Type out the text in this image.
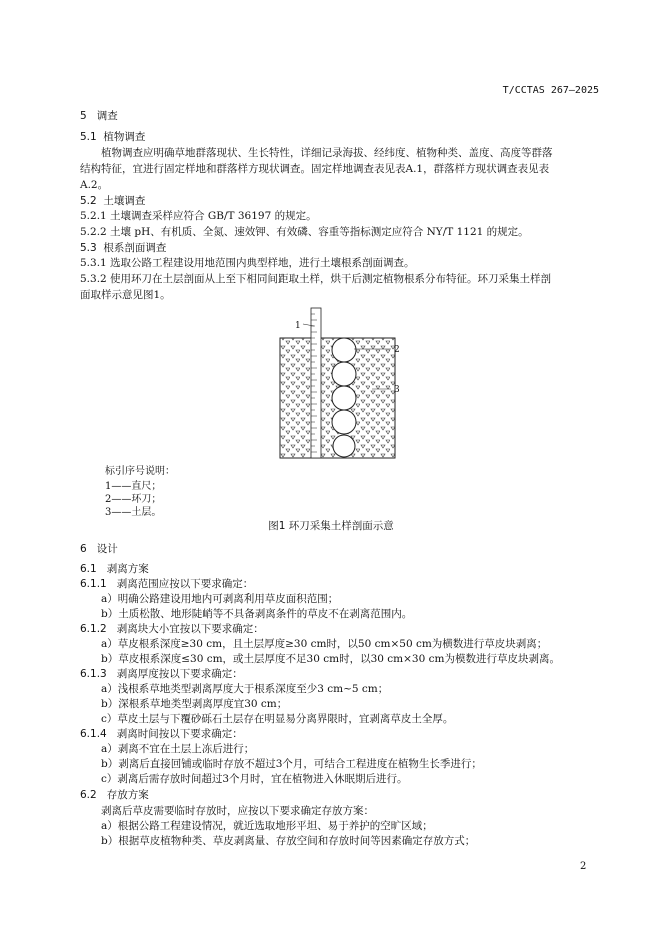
T/CCTAS 267—2025
5 调查
5.1 植物调查
植物调查应明确草地群落现状、生长特性，详细记录海拔、经纬度、植物种类、盖度、高度等群落
结构特征，宜进行固定样地和群落样方现状调查。固定样地调查表见表A.1，群落样方现状调查表见表
A.2。
5.2 土壤调查
5.2.1 土壤调查采样应符合 GB/T 36197 的规定。
5.2.2 土壤 pH、有机质、全氮、速效钾、有效磷、容重等指标测定应符合 NY/T 1121 的规定。
5.3 根系剖面调查
5.3.1 选取公路工程建设用地范围内典型样地，进行土壤根系剖面调查。
5.3.2 使用环刀在土层剖面从上至下相同间距取土样，烘干后测定植物根系分布特征。环刀采集土样剖
面取样示意见图1。
1
2
3
标引序号说明：
1——直尺；
2——环刀；
3——土层。
图1 环刀采集土样剖面示意
6 设计
6.1 剥离方案
6.1.1 剥离范围应按以下要求确定：
a）明确公路建设用地内可剥离利用草皮面积范围；
b）土质松散、地形陡峭等不具备剥离条件的草皮不在剥离范围内。
6.1.2 剥离块大小宜按以下要求确定：
a）草皮根系深度≥30 cm，且土层厚度≥30 cm时，以50 cm×50 cm为横数进行草皮块剥离；
b）草皮根系深度≤30 cm，或土层厚度不足30 cm时，以30 cm×30 cm为模数进行草皮块剥离。
6.1.3 剥离厚度按以下要求确定：
a）浅根系草地类型剥离厚度大于根系深度至少3 cm~5 cm；
b）深根系草地类型剥离厚度宜30 cm；
c）草皮土层与下覆砂砾石土层存在明显易分离界限时，宜剥离草皮土全厚。
6.1.4 剥离时间按以下要求确定：
a）剥离不宜在土层上冻后进行；
b）剥离后直接回铺或临时存放不超过3个月，可结合工程进度在植物生长季进行；
c）剥离后需存放时间超过3个月时，宜在植物进入休眠期后进行。
6.2 存放方案
剥离后草皮需要临时存放时，应按以下要求确定存放方案：
a）根据公路工程建设情况，就近选取地形平坦、易于养护的空旷区域；
b）根据草皮植物种类、草皮剥离量、存放空间和存放时间等因素确定存放方式；
2
